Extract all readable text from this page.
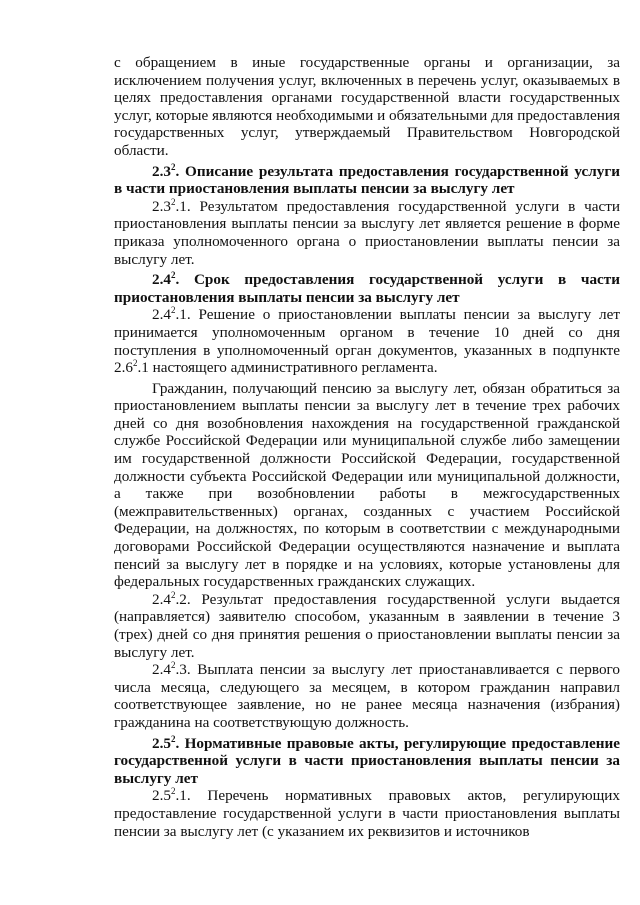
с обращением в иные государственные органы и организации, за исключением получения услуг, включенных в перечень услуг, оказываемых в целях предоставления органами государственной власти государственных услуг, которые являются необходимыми и обязательными для предоставления государственных услуг, утверждаемый Правительством Новгородской области.

$2.3^2$. Описание результата предоставления государственной услуги в части приостановления выплаты пенсии за выслугу лет

$2.3^2.1$. Результатом предоставления государственной услуги в части приостановления выплаты пенсии за выслугу лет является решение в форме приказа уполномоченного органа о приостановлении выплаты пенсии за выслугу лет.

$2.4^2$. Срок предоставления государственной услуги в части приостановления выплаты пенсии за выслугу лет

$2.4^2.1$. Решение о приостановлении выплаты пенсии за выслугу лет принимается уполномоченным органом в течение 10 дней со дня поступления в уполномоченный орган документов, указанных в подпункте $2.6^2.1$ настоящего административного регламента.

Гражданин, получающий пенсию за выслугу лет, обязан обратиться за приостановлением выплаты пенсии за выслугу лет в течение трех рабочих дней со дня возобновления нахождения на государственной гражданской службе Российской Федерации или муниципальной службе либо замещении им государственной должности Российской Федерации, государственной должности субъекта Российской Федерации или муниципальной должности, а также при возобновлении работы в межгосударственных (межправительственных) органах, созданных с участием Российской Федерации, на должностях, по которым в соответствии с международными договорами Российской Федерации осуществляются назначение и выплата пенсий за выслугу лет в порядке и на условиях, которые установлены для федеральных государственных гражданских служащих.

$2.4^2.2$. Результат предоставления государственной услуги выдается (направляется) заявителю способом, указанным в заявлении в течение 3 (трех) дней со дня принятия решения о приостановлении выплаты пенсии за выслугу лет.

$2.4^2.3$. Выплата пенсии за выслугу лет приостанавливается с первого числа месяца, следующего за месяцем, в котором гражданин направил соответствующее заявление, но не ранее месяца назначения (избрания) гражданина на соответствующую должность.

$2.5^2$. Нормативные правовые акты, регулирующие предоставление государственной услуги в части приостановления выплаты пенсии за выслугу лет

$2.5^2.1$. Перечень нормативных правовых актов, регулирующих предоставление государственной услуги в части приостановления выплаты пенсии за выслугу лет (с указанием их реквизитов и источников
